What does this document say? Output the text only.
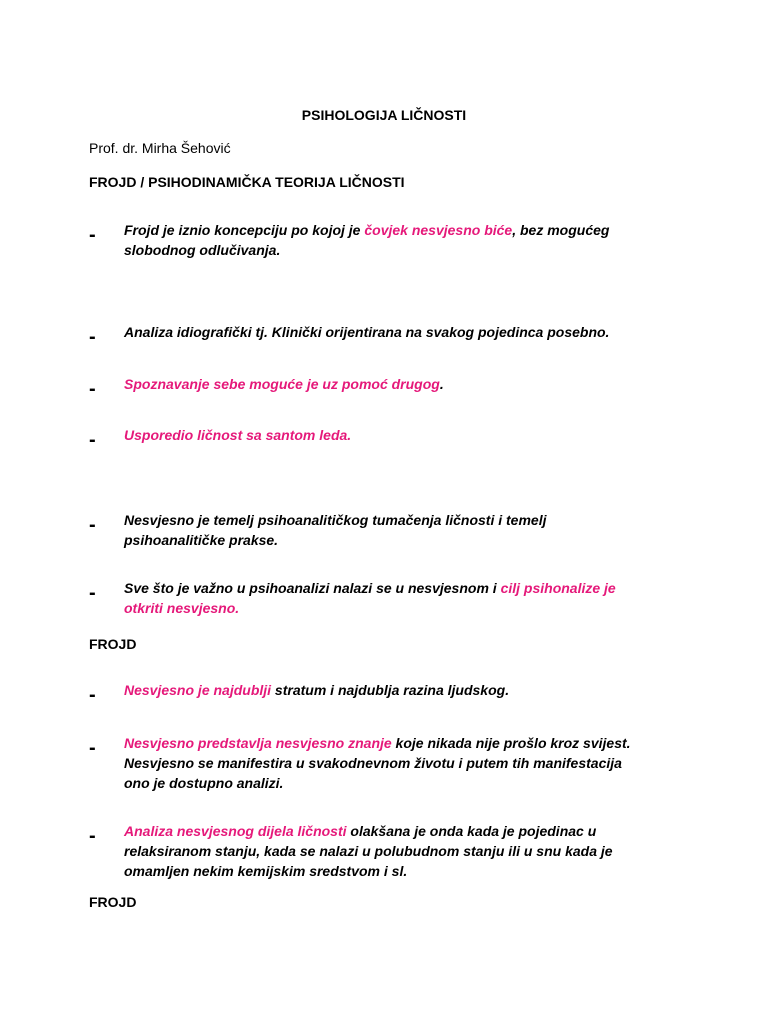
PSIHOLOGIJA LIČNOSTI
Prof. dr. Mirha Šehović
FROJD / PSIHODINAMIČKA TEORIJA LIČNOSTI
- Frojd je iznio koncepciju po kojoj je čovjek nesvjesno biće, bez mogućeg
slobodnog odlučivanja.
- Analiza idiografički tj. Klinički orijentirana na svakog pojedinca posebno.
- Spoznavanje sebe moguće je uz pomoć drugog.
- Usporedio ličnost sa santom leda.
- Nesvjesno je temelj psihoanalitičkog tumačenja ličnosti i temelj
psihoanalitičke prakse.
- Sve što je važno u psihoanalizi nalazi se u nesvjesnom i cilj psihonalize je
otkriti nesvjesno.
FROJD
- Nesvjesno je najdublji stratum i najdublja razina ljudskog.
- Nesvjesno predstavlja nesvjesno znanje koje nikada nije prošlo kroz svijest.
Nesvjesno se manifestira u svakodnevnom životu i putem tih manifestacija
ono je dostupno analizi.
- Analiza nesvjesnog dijela ličnosti olakšana je onda kada je pojedinac u
relaksiranom stanju, kada se nalazi u polubudnom stanju ili u snu kada je
omamljen nekim kemijskim sredstvom i sl.
FROJD
